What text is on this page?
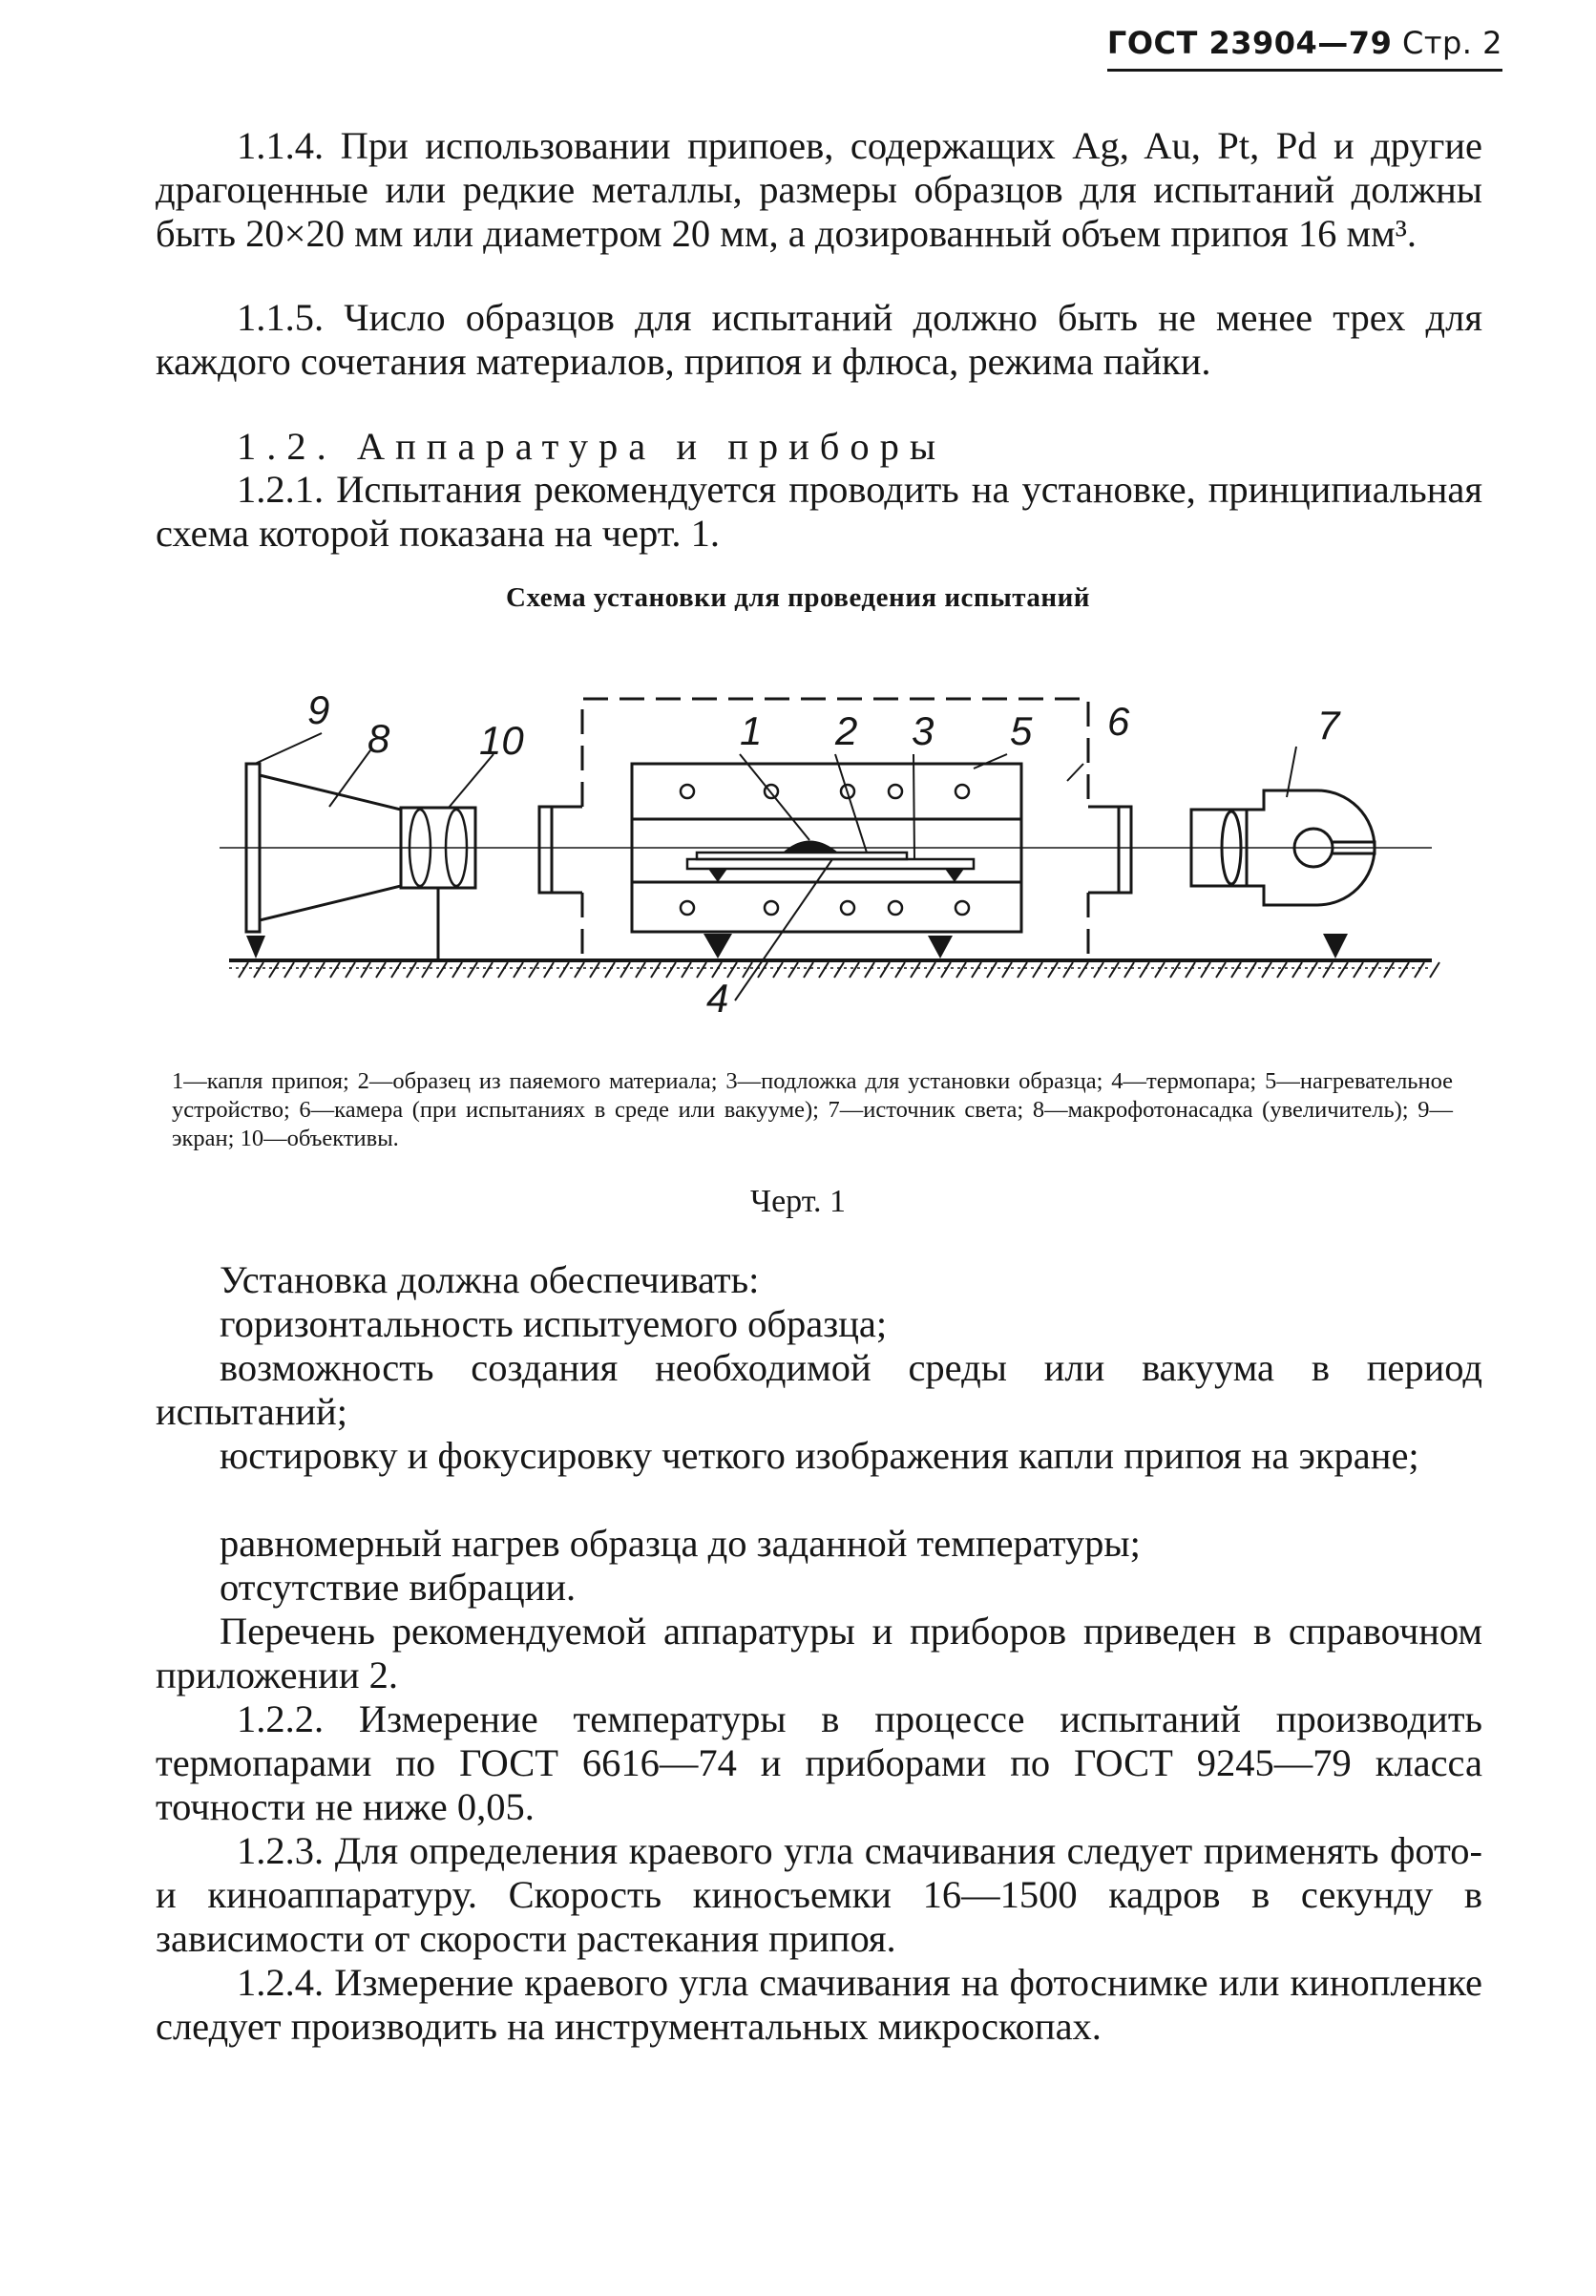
ГОСТ 23904—79 Стр. 2

1.1.4. При использовании припоев, содержащих Ag, Au, Pt, Pd и другие драгоценные или редкие металлы, размеры образцов для испытаний должны быть 20×20 мм или диаметром 20 мм, а дозированный объем припоя 16 мм³.

1.1.5. Число образцов для испытаний должно быть не менее трех для каждого сочетания материалов, припоя и флюса, режима пайки.

1.2. Аппаратура и приборы

1.2.1. Испытания рекомендуется проводить на установке, принципиальная схема которой показана на черт. 1.

Схема установки для проведения испытаний
9
8 10	1 2 3 5 6	7
4
1—капля припоя; 2—образец из паяемого материала; 3—подложка для установки образца; 4—термопара; 5—нагревательное устройство; 6—камера (при испытаниях в среде или вакууме); 7—источник света; 8—макрофотонасадка (увеличитель); 9—экран; 10—объективы.
Черт. 1

Установка должна обеспечивать:

горизонтальность испытуемого образца;

возможность создания необходимой среды или вакуума в период испытаний;

юстировку и фокусировку четкого изображения капли припоя на экране;

равномерный нагрев образца до заданной температуры;

отсутствие вибрации.

Перечень рекомендуемой аппаратуры и приборов приведен в справочном приложении 2.

1.2.2. Измерение температуры в процессе испытаний производить термопарами по ГОСТ 6616—74 и приборами по ГОСТ 9245—79 класса точности не ниже 0,05.

1.2.3. Для определения краевого угла смачивания следует применять фото- и киноаппаратуру. Скорость киносъемки 16—1500 кадров в секунду в зависимости от скорости растекания припоя.

1.2.4. Измерение краевого угла смачивания на фотоснимке или кинопленке следует производить на инструментальных микроскопах.
